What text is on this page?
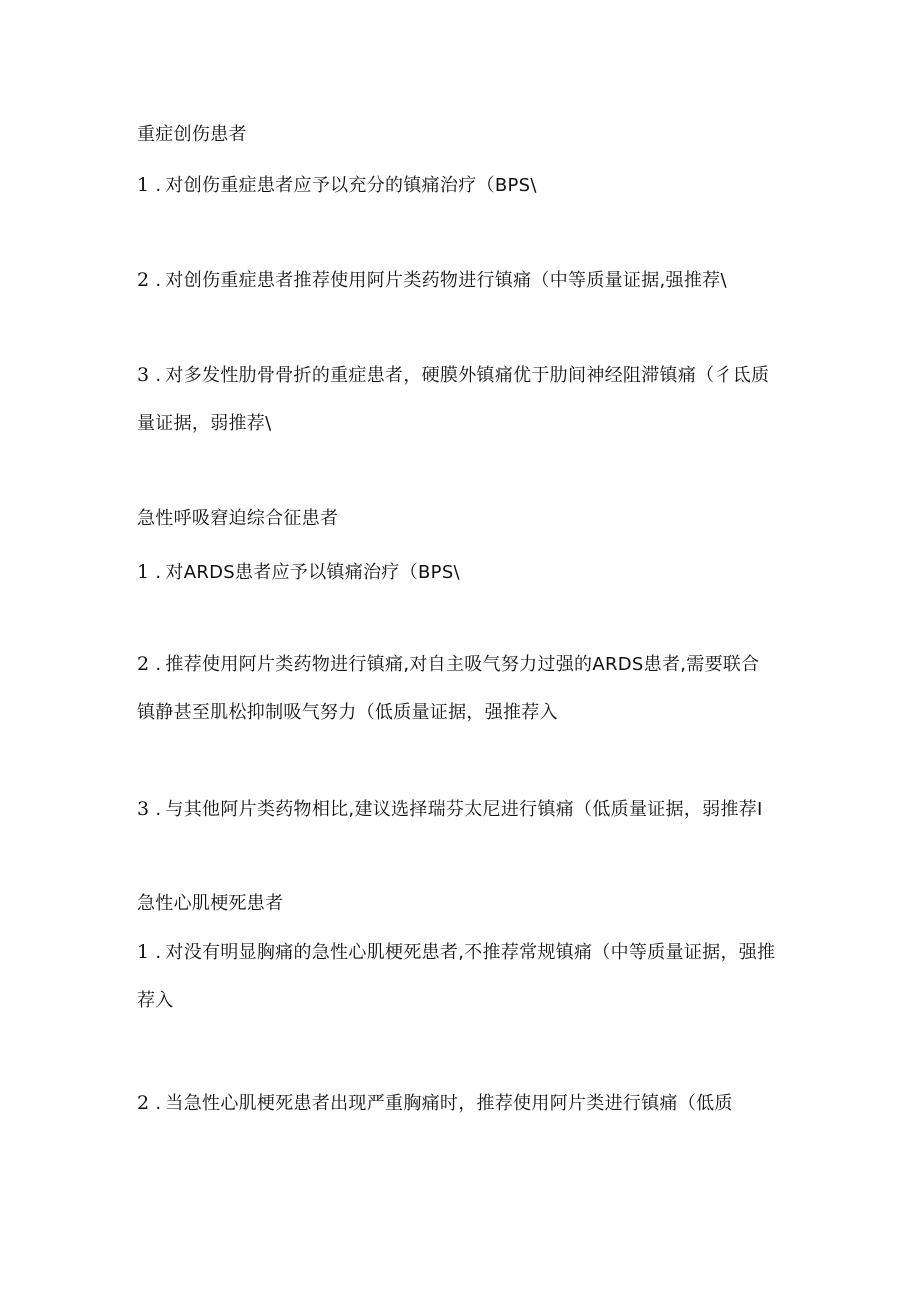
重症创伤患者
1 . 对创伤重症患者应予以充分的镇痛治疗（BPS\
2 . 对创伤重症患者推荐使用阿片类药物进行镇痛（中等质量证据,强推荐\
3 . 对多发性肋骨骨折的重症患者，硬膜外镇痛优于肋间神经阻滞镇痛（彳氐质
量证据，弱推荐\
急性呼吸窘迫综合征患者
1 . 对ARDS患者应予以镇痛治疗（BPS\
2 . 推荐使用阿片类药物进行镇痛,对自主吸气努力过强的ARDS患者,需要联合
镇静甚至肌松抑制吸气努力（低质量证据，强推荐入
3 . 与其他阿片类药物相比,建议选择瑞芬太尼进行镇痛（低质量证据，弱推荐I
急性心肌梗死患者
1 . 对没有明显胸痛的急性心肌梗死患者,不推荐常规镇痛（中等质量证据，强推
荐入
2 . 当急性心肌梗死患者出现严重胸痛时，推荐使用阿片类进行镇痛（低质
